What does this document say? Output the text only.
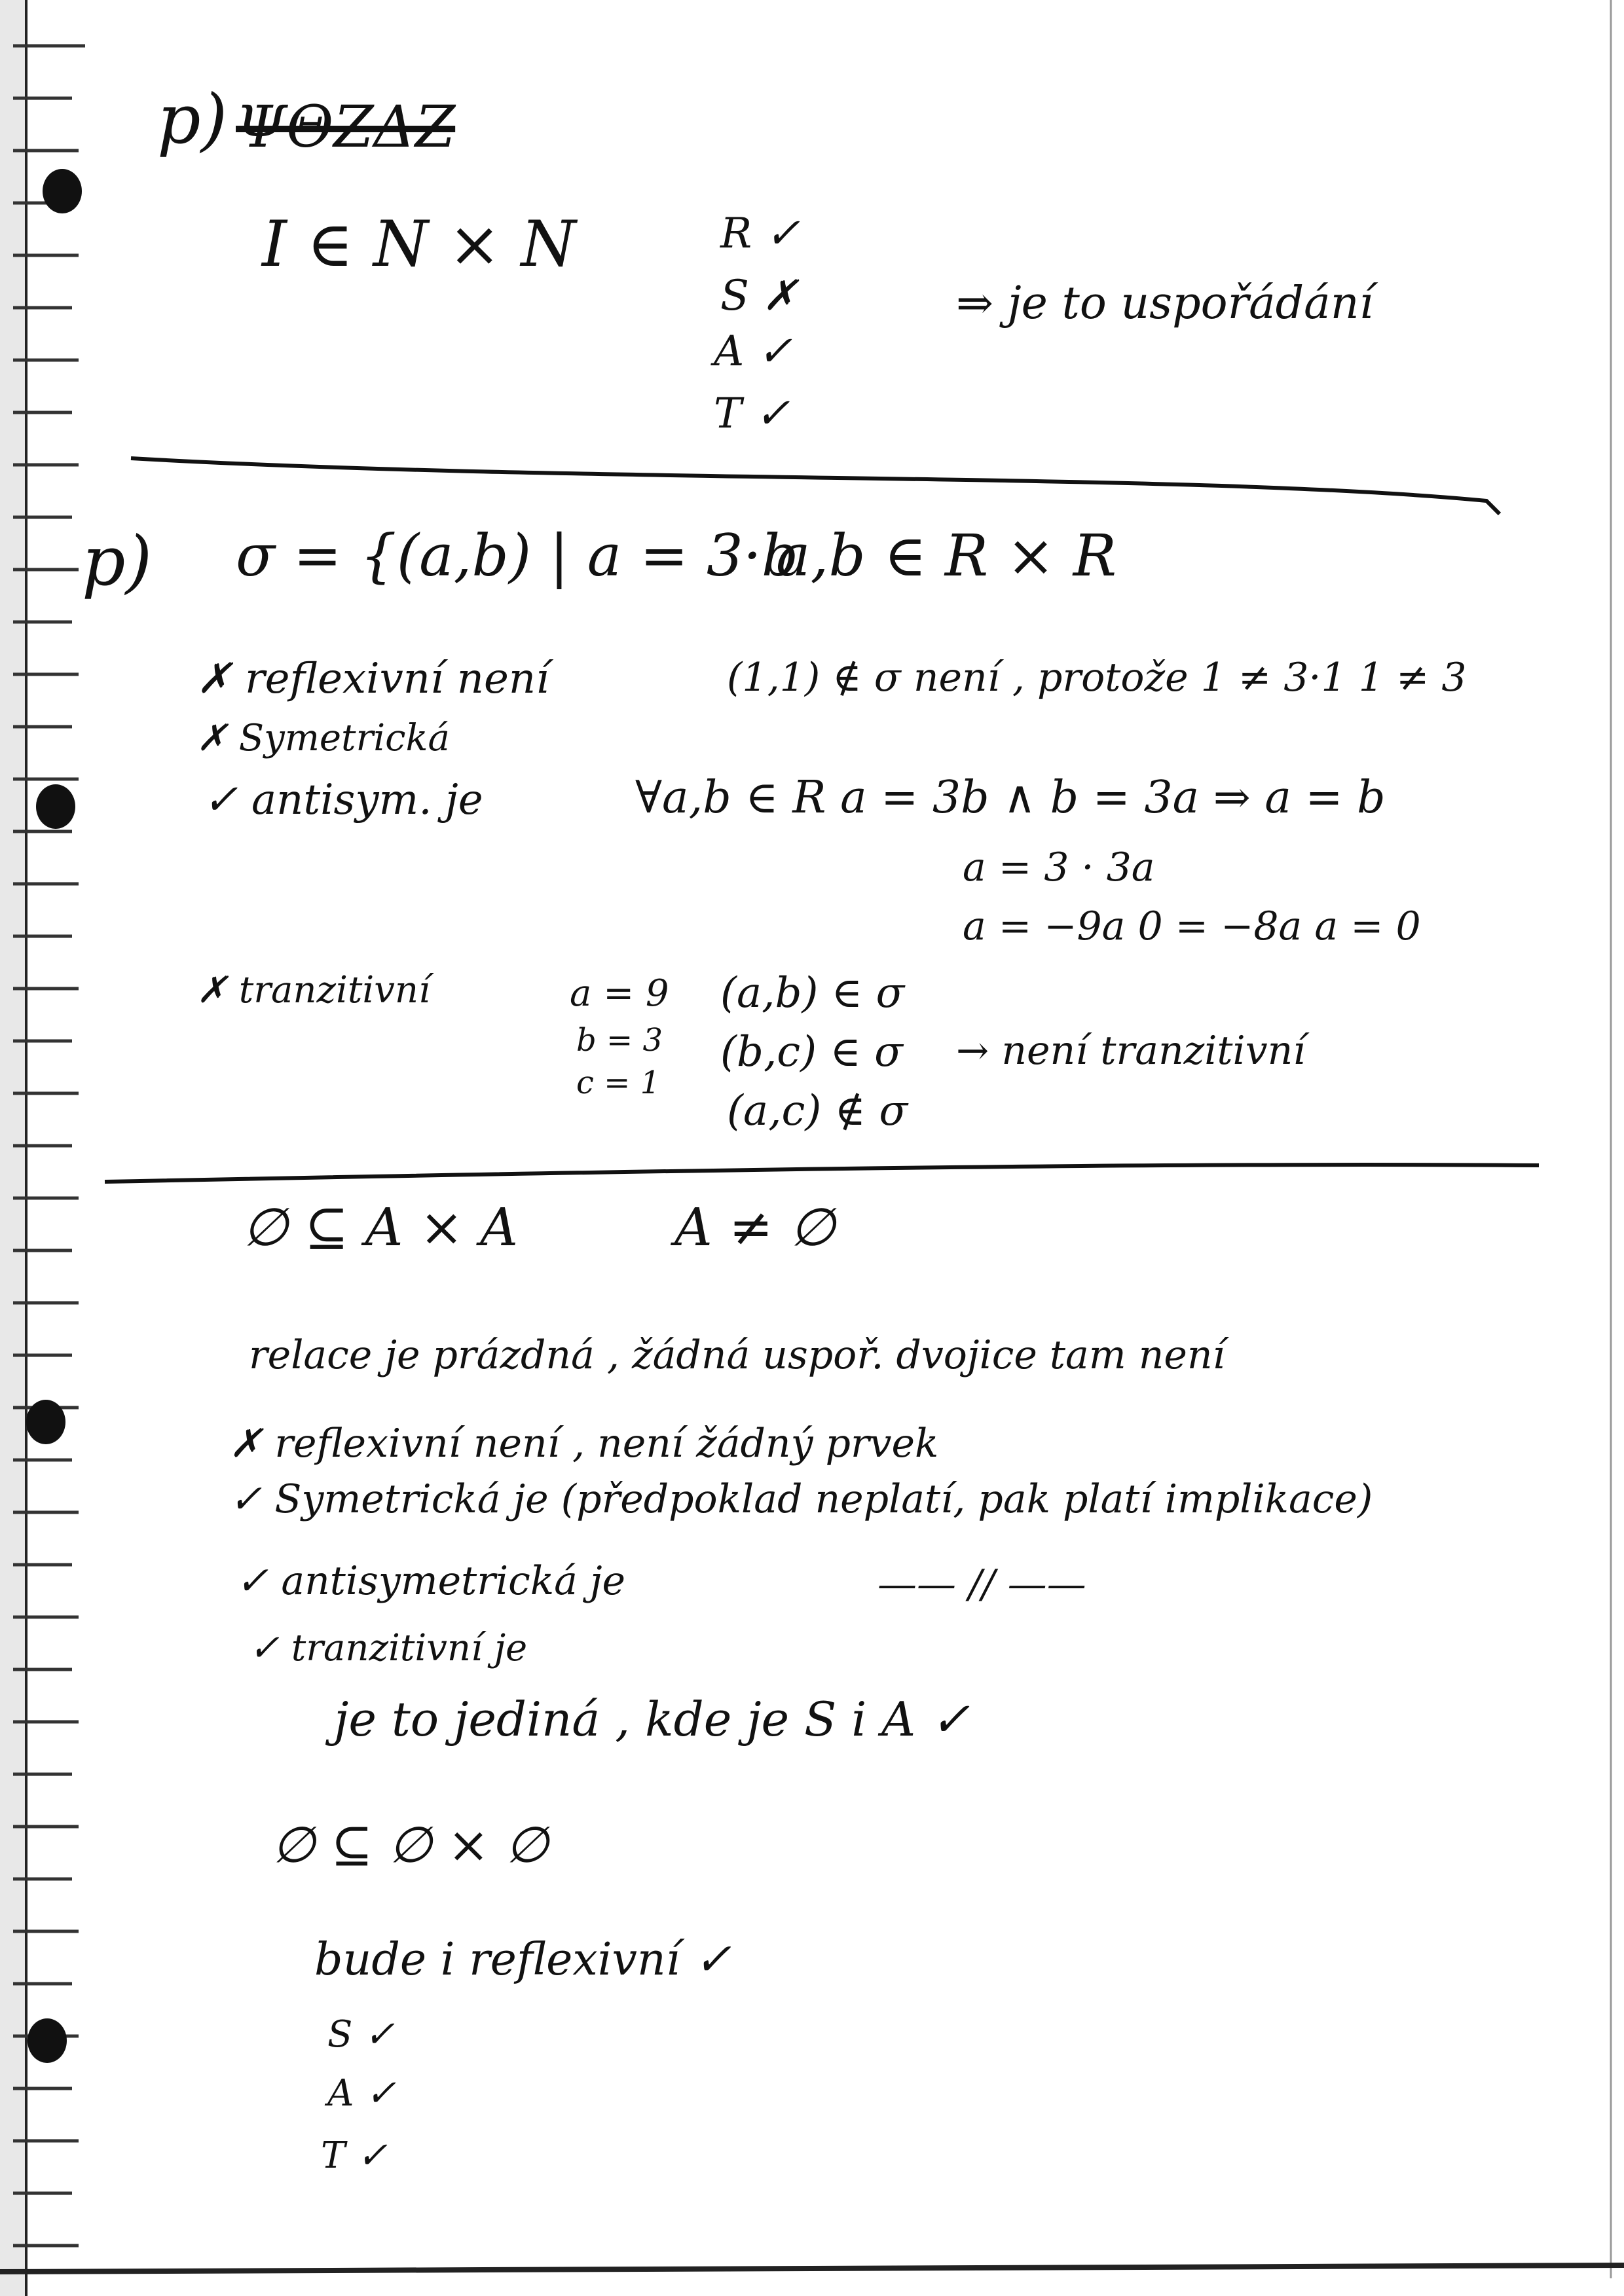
p) ΨΘΖΔΖ
I ∈ N × N	R ✓
S ✗
A ✓
T ✓
⇒ je to uspořádání
p) σ = {(a,b) | a = 3·b
a,b ∈ R × R
✗ reflexivní není	(1,1) ∉ σ není , protože 1 ≠ 3·1 1 ≠ 3
✗ Symetrická
✓ antisym. je	∀a,b ∈ R a = 3b ∧ b = 3a ⇒ a = b
a = 3 · 3a
a = −9a 0 = −8a a = 0
✗ tranzitivní	a = 9
b = 3
c = 1
(a,b) ∈ σ
(b,c) ∈ σ
(a,c) ∉ σ
→ není tranzitivní
∅ ⊆ A × A	A ≠ ∅
relace je prázdná , žádná uspoř. dvojice tam není
✗ reflexivní není , není žádný prvek
✓ Symetrická je (předpoklad neplatí, pak platí implikace)
✓ antisymetrická je	—— // ——
✓ tranzitivní je
je to jediná , kde je S i A ✓
∅ ⊆ ∅ × ∅
bude i reflexivní ✓
S ✓
A ✓
T ✓
